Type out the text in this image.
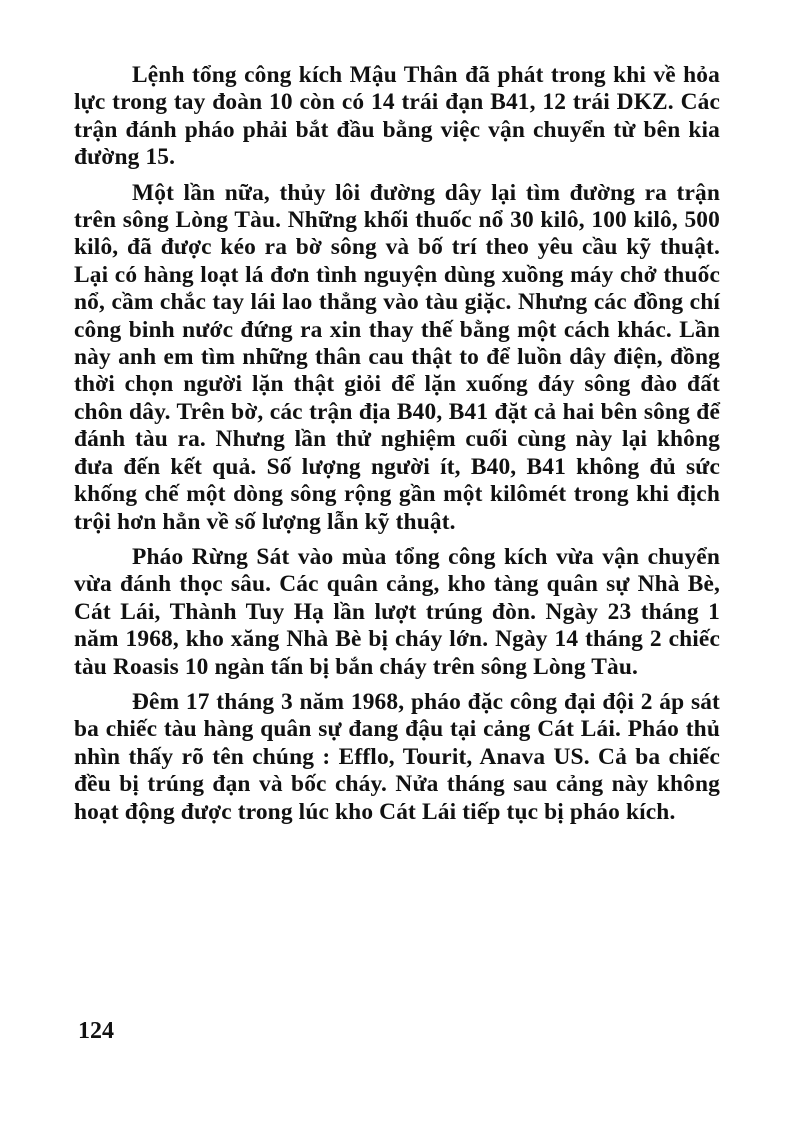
Lệnh tổng công kích Mậu Thân đã phát trong khi về hỏa lực trong tay đoàn 10 còn có 14 trái đạn B41, 12 trái DKZ. Các trận đánh pháo phải bắt đầu bằng việc vận chuyển từ bên kia đường 15.

Một lần nữa, thủy lôi đường dây lại tìm đường ra trận trên sông Lòng Tàu. Những khối thuốc nổ 30 kilô, 100 kilô, 500 kilô, đã được kéo ra bờ sông và bố trí theo yêu cầu kỹ thuật. Lại có hàng loạt lá đơn tình nguyện dùng xuồng máy chở thuốc nổ, cầm chắc tay lái lao thẳng vào tàu giặc. Nhưng các đồng chí công binh nước đứng ra xin thay thế bằng một cách khác. Lần này anh em tìm những thân cau thật to để luồn dây điện, đồng thời chọn người lặn thật giỏi để lặn xuống đáy sông đào đất chôn dây. Trên bờ, các trận địa B40, B41 đặt cả hai bên sông để đánh tàu ra. Nhưng lần thử nghiệm cuối cùng này lại không đưa đến kết quả. Số lượng người ít, B40, B41 không đủ sức khống chế một dòng sông rộng gần một kilômét trong khi địch trội hơn hẳn về số lượng lẫn kỹ thuật.

Pháo Rừng Sát vào mùa tổng công kích vừa vận chuyển vừa đánh thọc sâu. Các quân cảng, kho tàng quân sự Nhà Bè, Cát Lái, Thành Tuy Hạ lần lượt trúng đòn. Ngày 23 tháng 1 năm 1968, kho xăng Nhà Bè bị cháy lớn. Ngày 14 tháng 2 chiếc tàu Roasis 10 ngàn tấn bị bắn cháy trên sông Lòng Tàu.

Đêm 17 tháng 3 năm 1968, pháo đặc công đại đội 2 áp sát ba chiếc tàu hàng quân sự đang đậu tại cảng Cát Lái. Pháo thủ nhìn thấy rõ tên chúng : Efflo, Tourit, Anava US. Cả ba chiếc đều bị trúng đạn và bốc cháy. Nửa tháng sau cảng này không hoạt động được trong lúc kho Cát Lái tiếp tục bị pháo kích.

124
